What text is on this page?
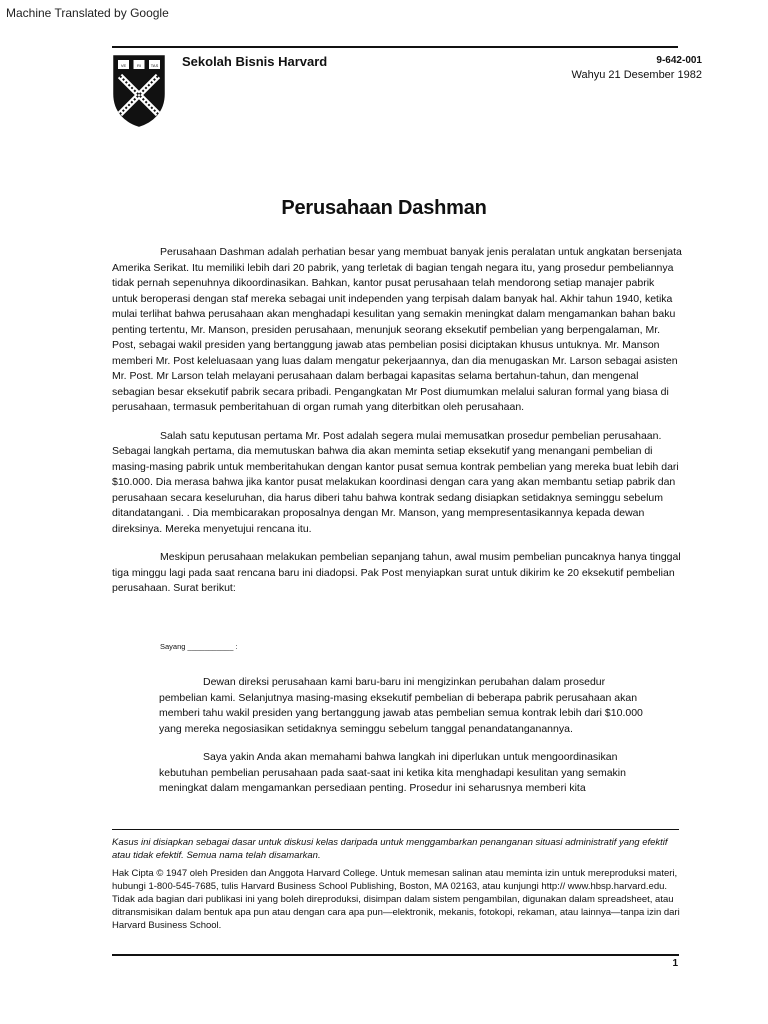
Machine Translated by Google
VE	RI TAS Sekolah Bisnis Harvard	9-642-001
Wahyu 21 Desember 1982
Perusahaan Dashman

Perusahaan Dashman adalah perhatian besar yang membuat banyak jenis peralatan untuk angkatan bersenjata Amerika Serikat. Itu memiliki lebih dari 20 pabrik, yang terletak di bagian tengah negara itu, yang prosedur pembeliannya tidak pernah sepenuhnya dikoordinasikan. Bahkan, kantor pusat perusahaan telah mendorong setiap manajer pabrik untuk beroperasi dengan staf mereka sebagai unit independen yang terpisah dalam banyak hal. Akhir tahun 1940, ketika mulai terlihat bahwa perusahaan akan menghadapi kesulitan yang semakin meningkat dalam mengamankan bahan baku penting tertentu, Mr. Manson, presiden perusahaan, menunjuk seorang eksekutif pembelian yang berpengalaman, Mr. Post, sebagai wakil presiden yang bertanggung jawab atas pembelian posisi diciptakan khusus untuknya. Mr. Manson memberi Mr. Post keleluasaan yang luas dalam mengatur pekerjaannya, dan dia menugaskan Mr. Larson sebagai asisten Mr. Post. Mr Larson telah melayani perusahaan dalam berbagai kapasitas selama bertahun-tahun, dan mengenal sebagian besar eksekutif pabrik secara pribadi. Pengangkatan Mr Post diumumkan melalui saluran formal yang biasa di perusahaan, termasuk pemberitahuan di organ rumah yang diterbitkan oleh perusahaan.

Salah satu keputusan pertama Mr. Post adalah segera mulai memusatkan prosedur pembelian perusahaan. Sebagai langkah pertama, dia memutuskan bahwa dia akan meminta setiap eksekutif yang menangani pembelian di masing-masing pabrik untuk memberitahukan dengan kantor pusat semua kontrak pembelian yang mereka buat lebih dari $10.000. Dia merasa bahwa jika kantor pusat melakukan koordinasi dengan cara yang akan membantu setiap pabrik dan perusahaan secara keseluruhan, dia harus diberi tahu bahwa kontrak sedang disiapkan setidaknya seminggu sebelum ditandatangani. . Dia membicarakan proposalnya dengan Mr. Manson, yang mempresentasikannya kepada dewan direksinya. Mereka menyetujui rencana itu.

Meskipun perusahaan melakukan pembelian sepanjang tahun, awal musim pembelian puncaknya hanya tinggal tiga minggu lagi pada saat rencana baru ini diadopsi. Pak Post menyiapkan surat untuk dikirim ke 20 eksekutif pembelian perusahaan. Surat berikut:

Sayang ___________ :

Dewan direksi perusahaan kami baru-baru ini mengizinkan perubahan dalam prosedur pembelian kami. Selanjutnya masing-masing eksekutif pembelian di beberapa pabrik perusahaan akan memberi tahu wakil presiden yang bertanggung jawab atas pembelian semua kontrak lebih dari $10.000 yang mereka negosiasikan setidaknya seminggu sebelum tanggal penandatanganannya.

Saya yakin Anda akan memahami bahwa langkah ini diperlukan untuk mengoordinasikan kebutuhan pembelian perusahaan pada saat-saat ini ketika kita menghadapi kesulitan yang semakin meningkat dalam mengamankan persediaan penting. Prosedur ini seharusnya memberi kita

Kasus ini disiapkan sebagai dasar untuk diskusi kelas daripada untuk menggambarkan penanganan situasi administratif yang efektif atau tidak efektif. Semua nama telah disamarkan.
Hak Cipta © 1947 oleh Presiden dan Anggota Harvard College. Untuk memesan salinan atau meminta izin untuk mereproduksi materi, hubungi 1-800-545-7685, tulis Harvard Business School Publishing, Boston, MA 02163, atau kunjungi http:// www.hbsp.harvard.edu. Tidak ada bagian dari publikasi ini yang boleh direproduksi, disimpan dalam sistem pengambilan, digunakan dalam spreadsheet, atau ditransmisikan dalam bentuk apa pun atau dengan cara apa pun—elektronik, mekanis, fotokopi, rekaman, atau lainnya—tanpa izin dari Harvard Business School.
1
